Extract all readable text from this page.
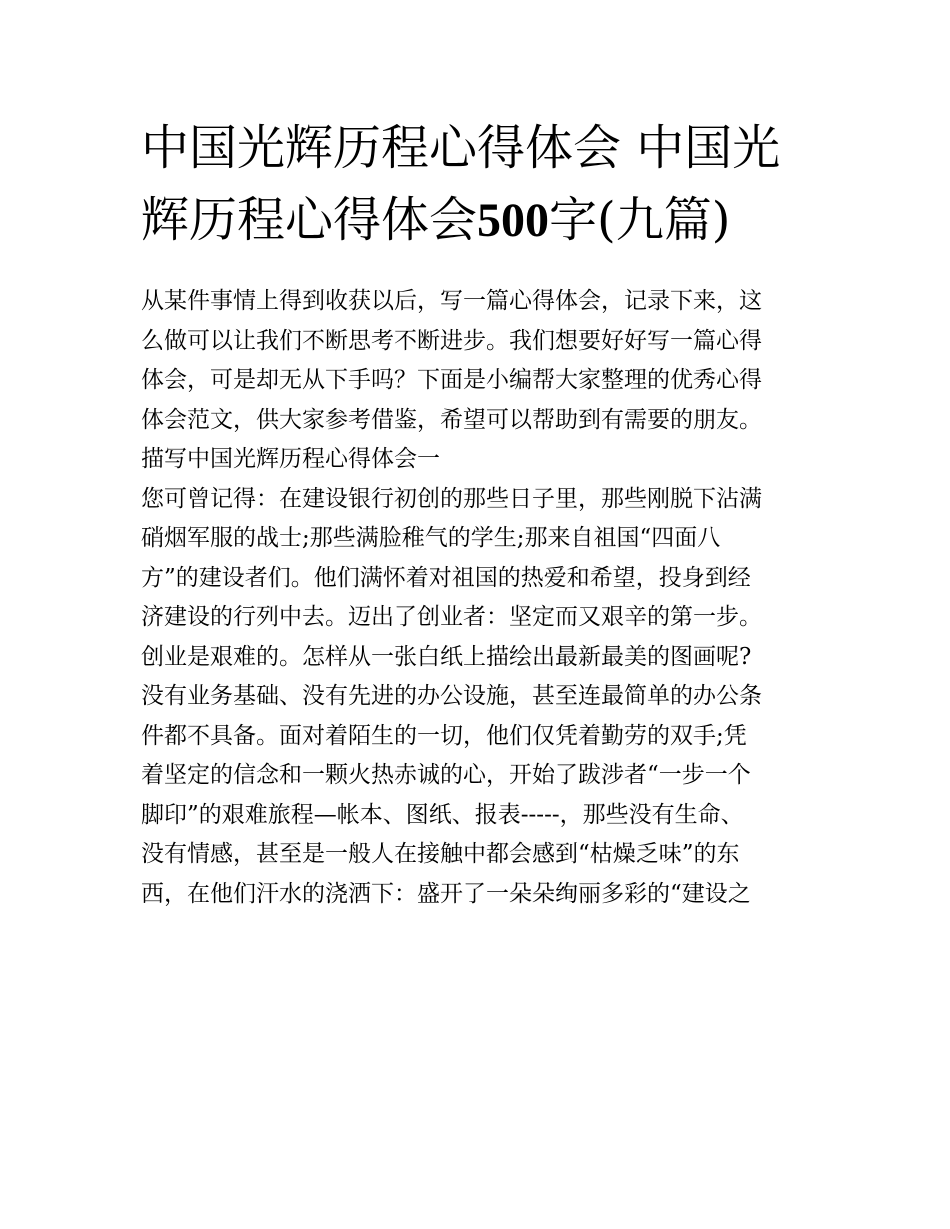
中国光辉历程心得体会 中国光
辉历程心得体会500字(九篇)
从某件事情上得到收获以后，写一篇心得体会，记录下来，这
么做可以让我们不断思考不断进步。我们想要好好写一篇心得
体会，可是却无从下手吗？下面是小编帮大家整理的优秀心得
体会范文，供大家参考借鉴，希望可以帮助到有需要的朋友。
描写中国光辉历程心得体会一
您可曾记得：在建设银行初创的那些日子里，那些刚脱下沾满
硝烟军服的战士;那些满脸稚气的学生;那来自祖国“四面八
方”的建设者们。他们满怀着对祖国的热爱和希望，投身到经
济建设的行列中去。迈出了创业者：坚定而又艰辛的第一步。
创业是艰难的。怎样从一张白纸上描绘出最新最美的图画呢?
没有业务基础、没有先进的办公设施，甚至连最简单的办公条
件都不具备。面对着陌生的一切，他们仅凭着勤劳的双手;凭
着坚定的信念和一颗火热赤诚的心，开始了跋涉者“一步一个
脚印”的艰难旅程—帐本、图纸、报表-----，那些没有生命、
没有情感，甚至是一般人在接触中都会感到“枯燥乏味”的东
西，在他们汗水的浇洒下：盛开了一朵朵绚丽多彩的“建设之
